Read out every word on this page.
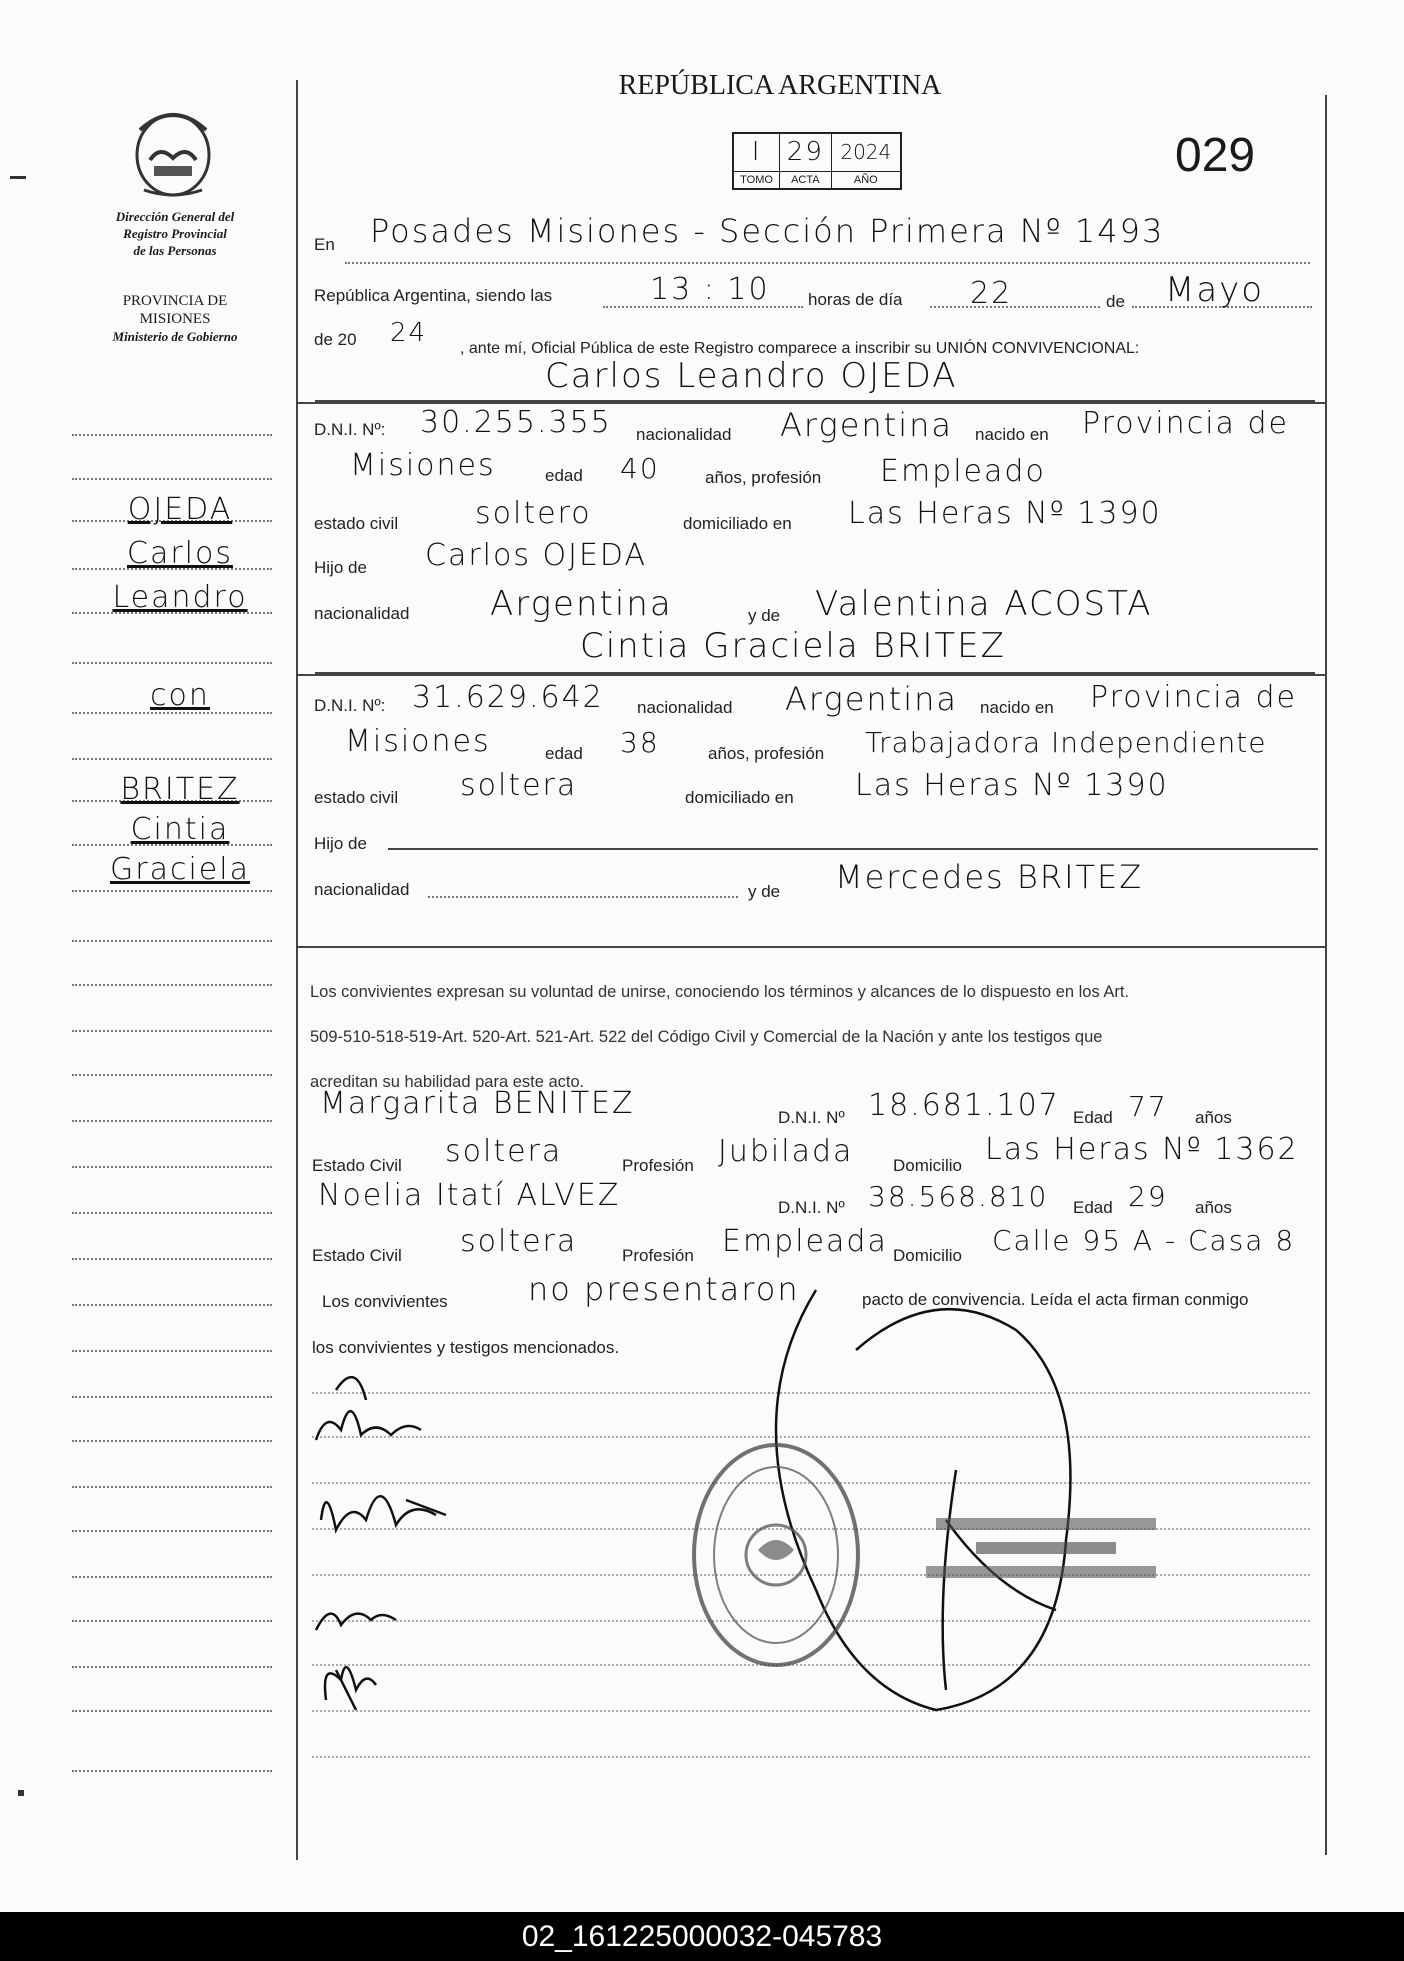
Dirección General del
Registro Provincial
de las Personas
PROVINCIA DE
MISIONES
Ministerio de Gobierno
OJEDA
Carlos
Leandro
con
BRITEZ
Cintia
Graciela
REPÚBLICA ARGENTINA
I	29	2024
TOMO	ACTA	AÑO	029
En Posades Misiones - Sección Primera Nº 1493
República Argentina, siendo las	13 : 10 horas de día 22	de Mayo
de 20 24
, ante mí, Oficial Pública de este Registro comparece a inscribir su UNIÓN CONVIVENCIONAL:
Carlos Leandro OJEDA
D.N.I. Nº: 30.255.355 nacionalidad Argentina nacido en Provincia de
Misiones	edad 40	años, profesión Empleado
estado civil	soltero	domiciliado en Las Heras Nº 1390
Hijo de Carlos OJEDA
nacionalidad Argentina	y de Valentina ACOSTA
Cintia Graciela BRITEZ
D.N.I. Nº: 31.629.642 nacionalidad Argentina nacido en Provincia de
Misiones	edad 38	años, profesión Trabajadora Independiente
estado civil soltera	domiciliado en Las Heras Nº 1390
Hijo de
nacionalidad	y de Mercedes BRITEZ
Los convivientes expresan su voluntad de unirse, conociendo los términos y alcances de lo dispuesto en los Art.
509-510-518-519-Art. 520-Art. 521-Art. 522 del Código Civil y Comercial de la Nación y ante los testigos que
acreditan su habilidad para este acto.
Margarita BENITEZ	D.N.I. Nº 18.681.107 Edad 77 años
Estado Civil soltera	Profesión Jubilada Domicilio Las Heras Nº 1362
Noelia Itatí ALVEZ	D.N.I. Nº 38.568.810 Edad 29 años
Estado Civil soltera	Profesión Empleada Domicilio Calle 95 A - Casa 8
Los convivientes	no presentaron	pacto de convivencia. Leída el acta firman conmigo
los convivientes y testigos mencionados.
02_161225000032-045783
